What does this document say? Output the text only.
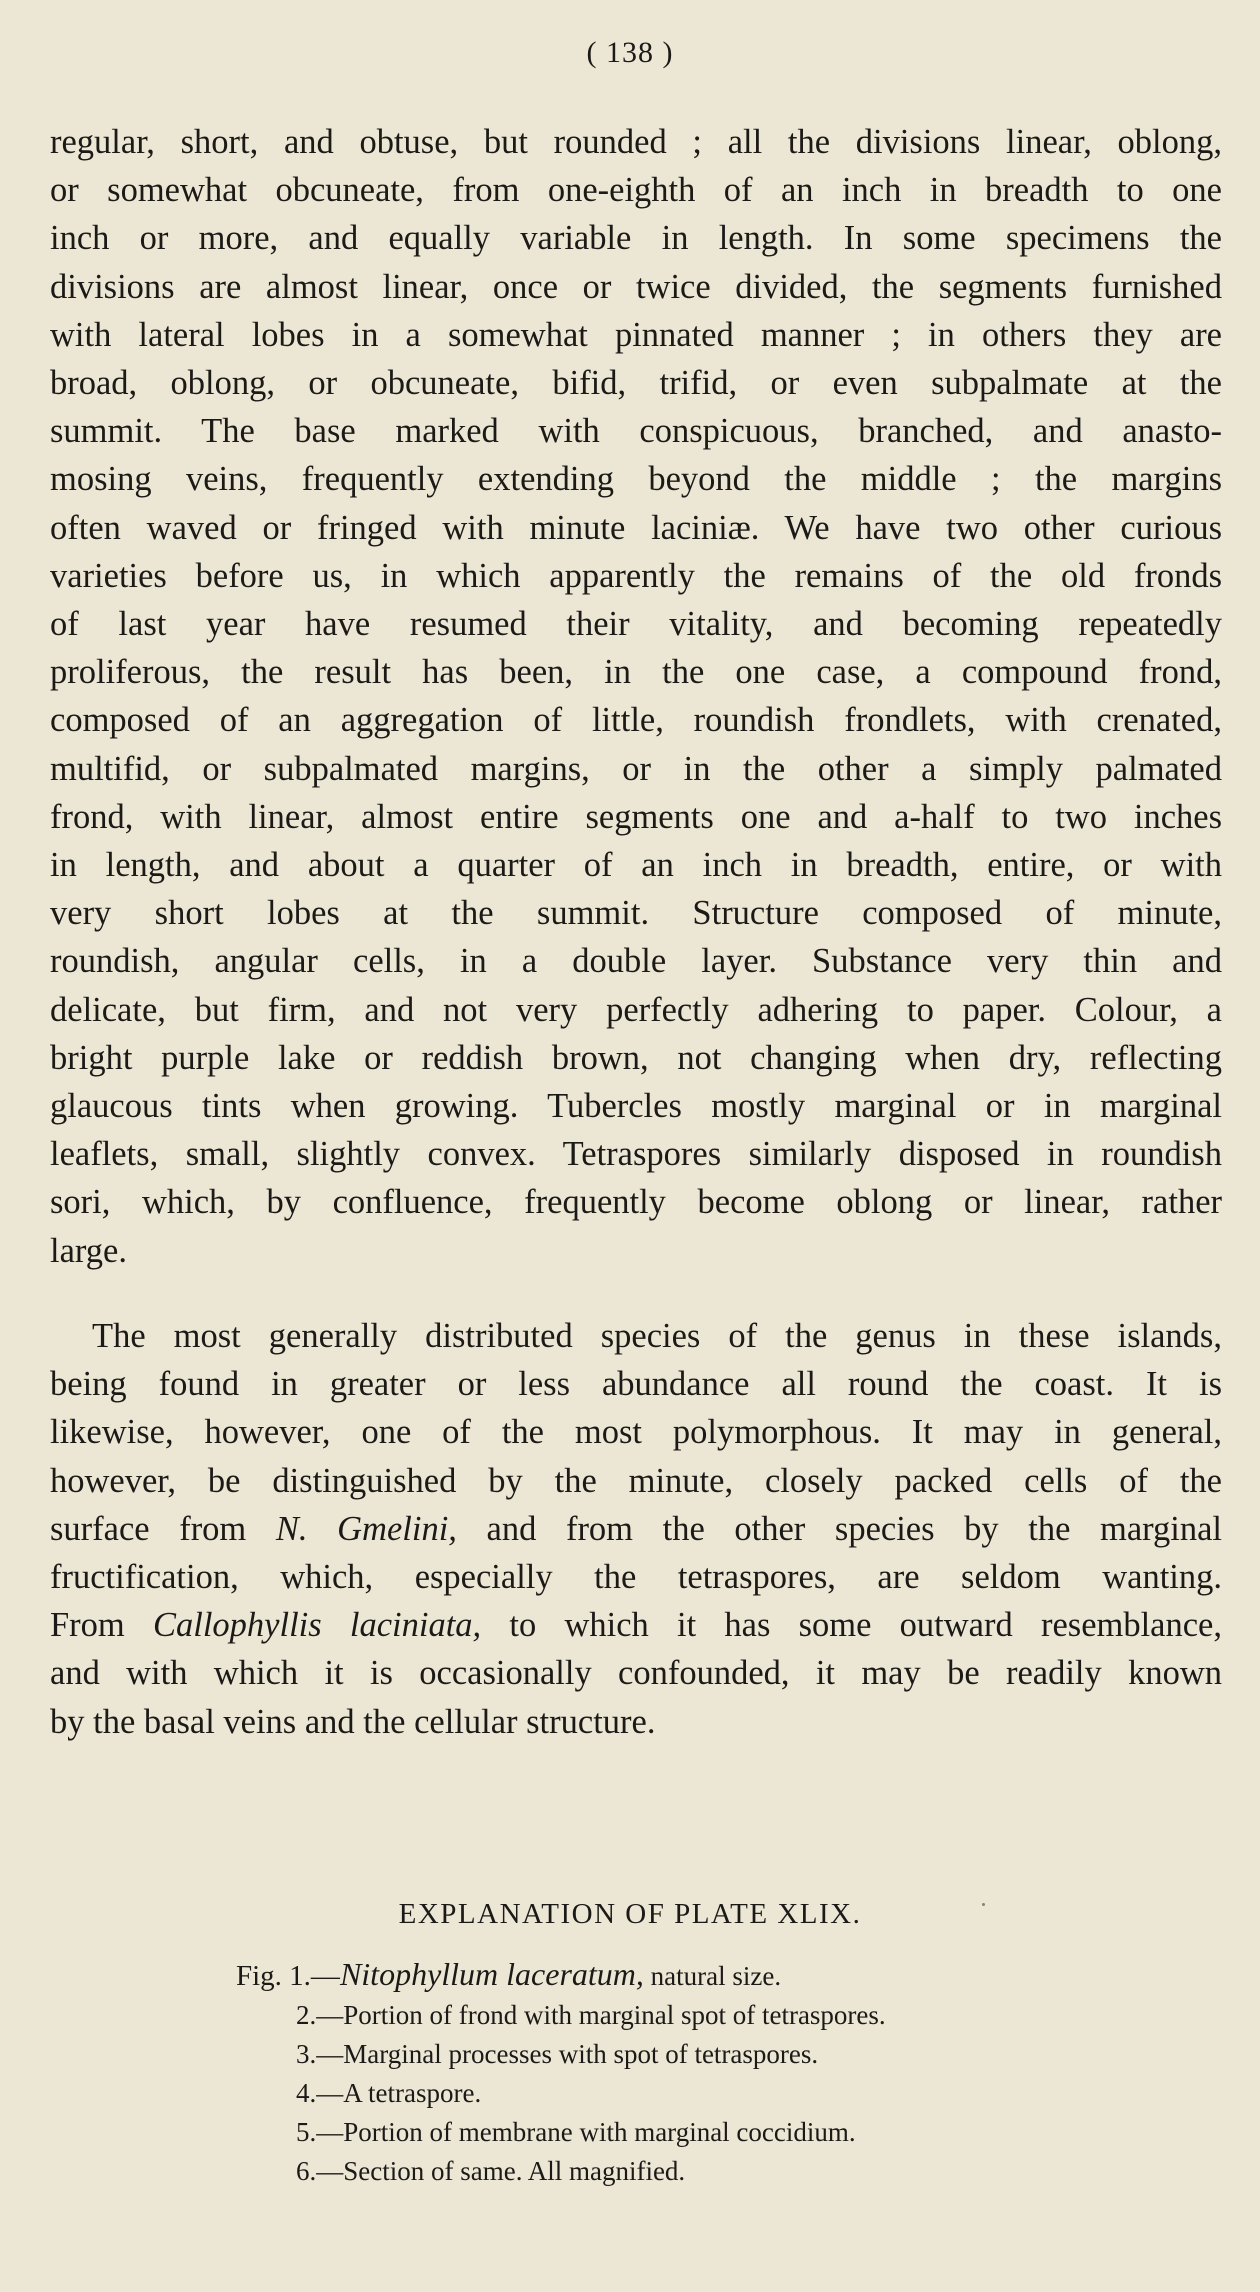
( 138 )
regular, short, and obtuse, but rounded ; all the divisions linear, oblong,
or somewhat obcuneate, from one-eighth of an inch in breadth to one
inch or more, and equally variable in length. In some specimens the
divisions are almost linear, once or twice divided, the segments furnished
with lateral lobes in a somewhat pinnated manner ; in others they are
broad, oblong, or obcuneate, bifid, trifid, or even subpalmate at the
summit. The base marked with conspicuous, branched, and anasto-
mosing veins, frequently extending beyond the middle ; the margins
often waved or fringed with minute laciniæ. We have two other curious
varieties before us, in which apparently the remains of the old fronds
of last year have resumed their vitality, and becoming repeatedly
proliferous, the result has been, in the one case, a compound frond,
composed of an aggregation of little, roundish frondlets, with crenated,
multifid, or subpalmated margins, or in the other a simply palmated
frond, with linear, almost entire segments one and a-half to two inches
in length, and about a quarter of an inch in breadth, entire, or with
very short lobes at the summit. Structure composed of minute,
roundish, angular cells, in a double layer. Substance very thin and
delicate, but firm, and not very perfectly adhering to paper. Colour, a
bright purple lake or reddish brown, not changing when dry, reflecting
glaucous tints when growing. Tubercles mostly marginal or in marginal
leaflets, small, slightly convex. Tetraspores similarly disposed in roundish
sori, which, by confluence, frequently become oblong or linear, rather
large.
The most generally distributed species of the genus in these islands,
being found in greater or less abundance all round the coast. It is
likewise, however, one of the most polymorphous. It may in general,
however, be distinguished by the minute, closely packed cells of the
surface from N. Gmelini, and from the other species by the marginal
fructification, which, especially the tetraspores, are seldom wanting.
From Callophyllis laciniata, to which it has some outward resemblance,
and with which it is occasionally confounded, it may be readily known
by the basal veins and the cellular structure.
EXPLANATION OF PLATE XLIX.
Fig. 1.—Nitophyllum laceratum, natural size.
2.—Portion of frond with marginal spot of tetraspores.
3.—Marginal processes with spot of tetraspores.
4.—A tetraspore.
5.—Portion of membrane with marginal coccidium.
6.—Section of same. All magnified.
